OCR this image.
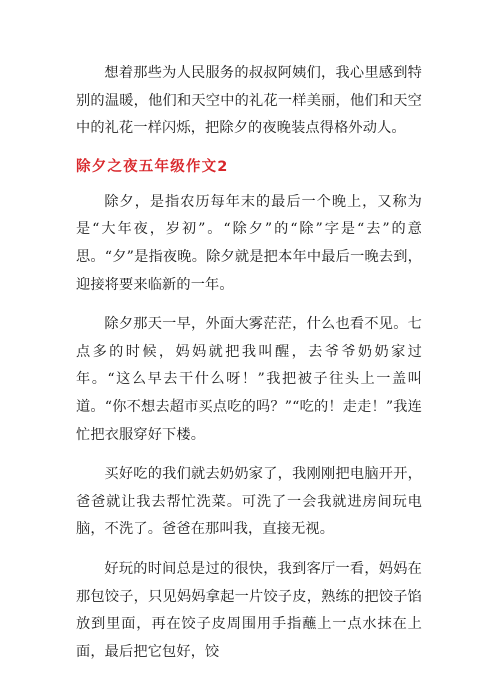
想着那些为人民服务的叔叔阿姨们，我心里感到特别的温暖，他们和天空中的礼花一样美丽，他们和天空中的礼花一样闪烁，把除夕的夜晚装点得格外动人。

除夕之夜五年级作文2

除夕，是指农历每年末的最后一个晚上，又称为是“大年夜，岁初”。“除夕”的“除”字是“去”的意思。“夕”是指夜晚。除夕就是把本年中最后一晚去到，迎接将要来临新的一年。

除夕那天一早，外面大雾茫茫，什么也看不见。七点多的时候，妈妈就把我叫醒，去爷爷奶奶家过年。“这么早去干什么呀！”我把被子往头上一盖叫道。“你不想去超市买点吃的吗？”“吃的！走走！”我连忙把衣服穿好下楼。

买好吃的我们就去奶奶家了，我刚刚把电脑开开，爸爸就让我去帮忙洗菜。可洗了一会我就进房间玩电脑，不洗了。爸爸在那叫我，直接无视。

好玩的时间总是过的很快，我到客厅一看，妈妈在那包饺子，只见妈妈拿起一片饺子皮，熟练的把饺子馅放到里面，再在饺子皮周围用手指蘸上一点水抹在上面，最后把它包好，饺
